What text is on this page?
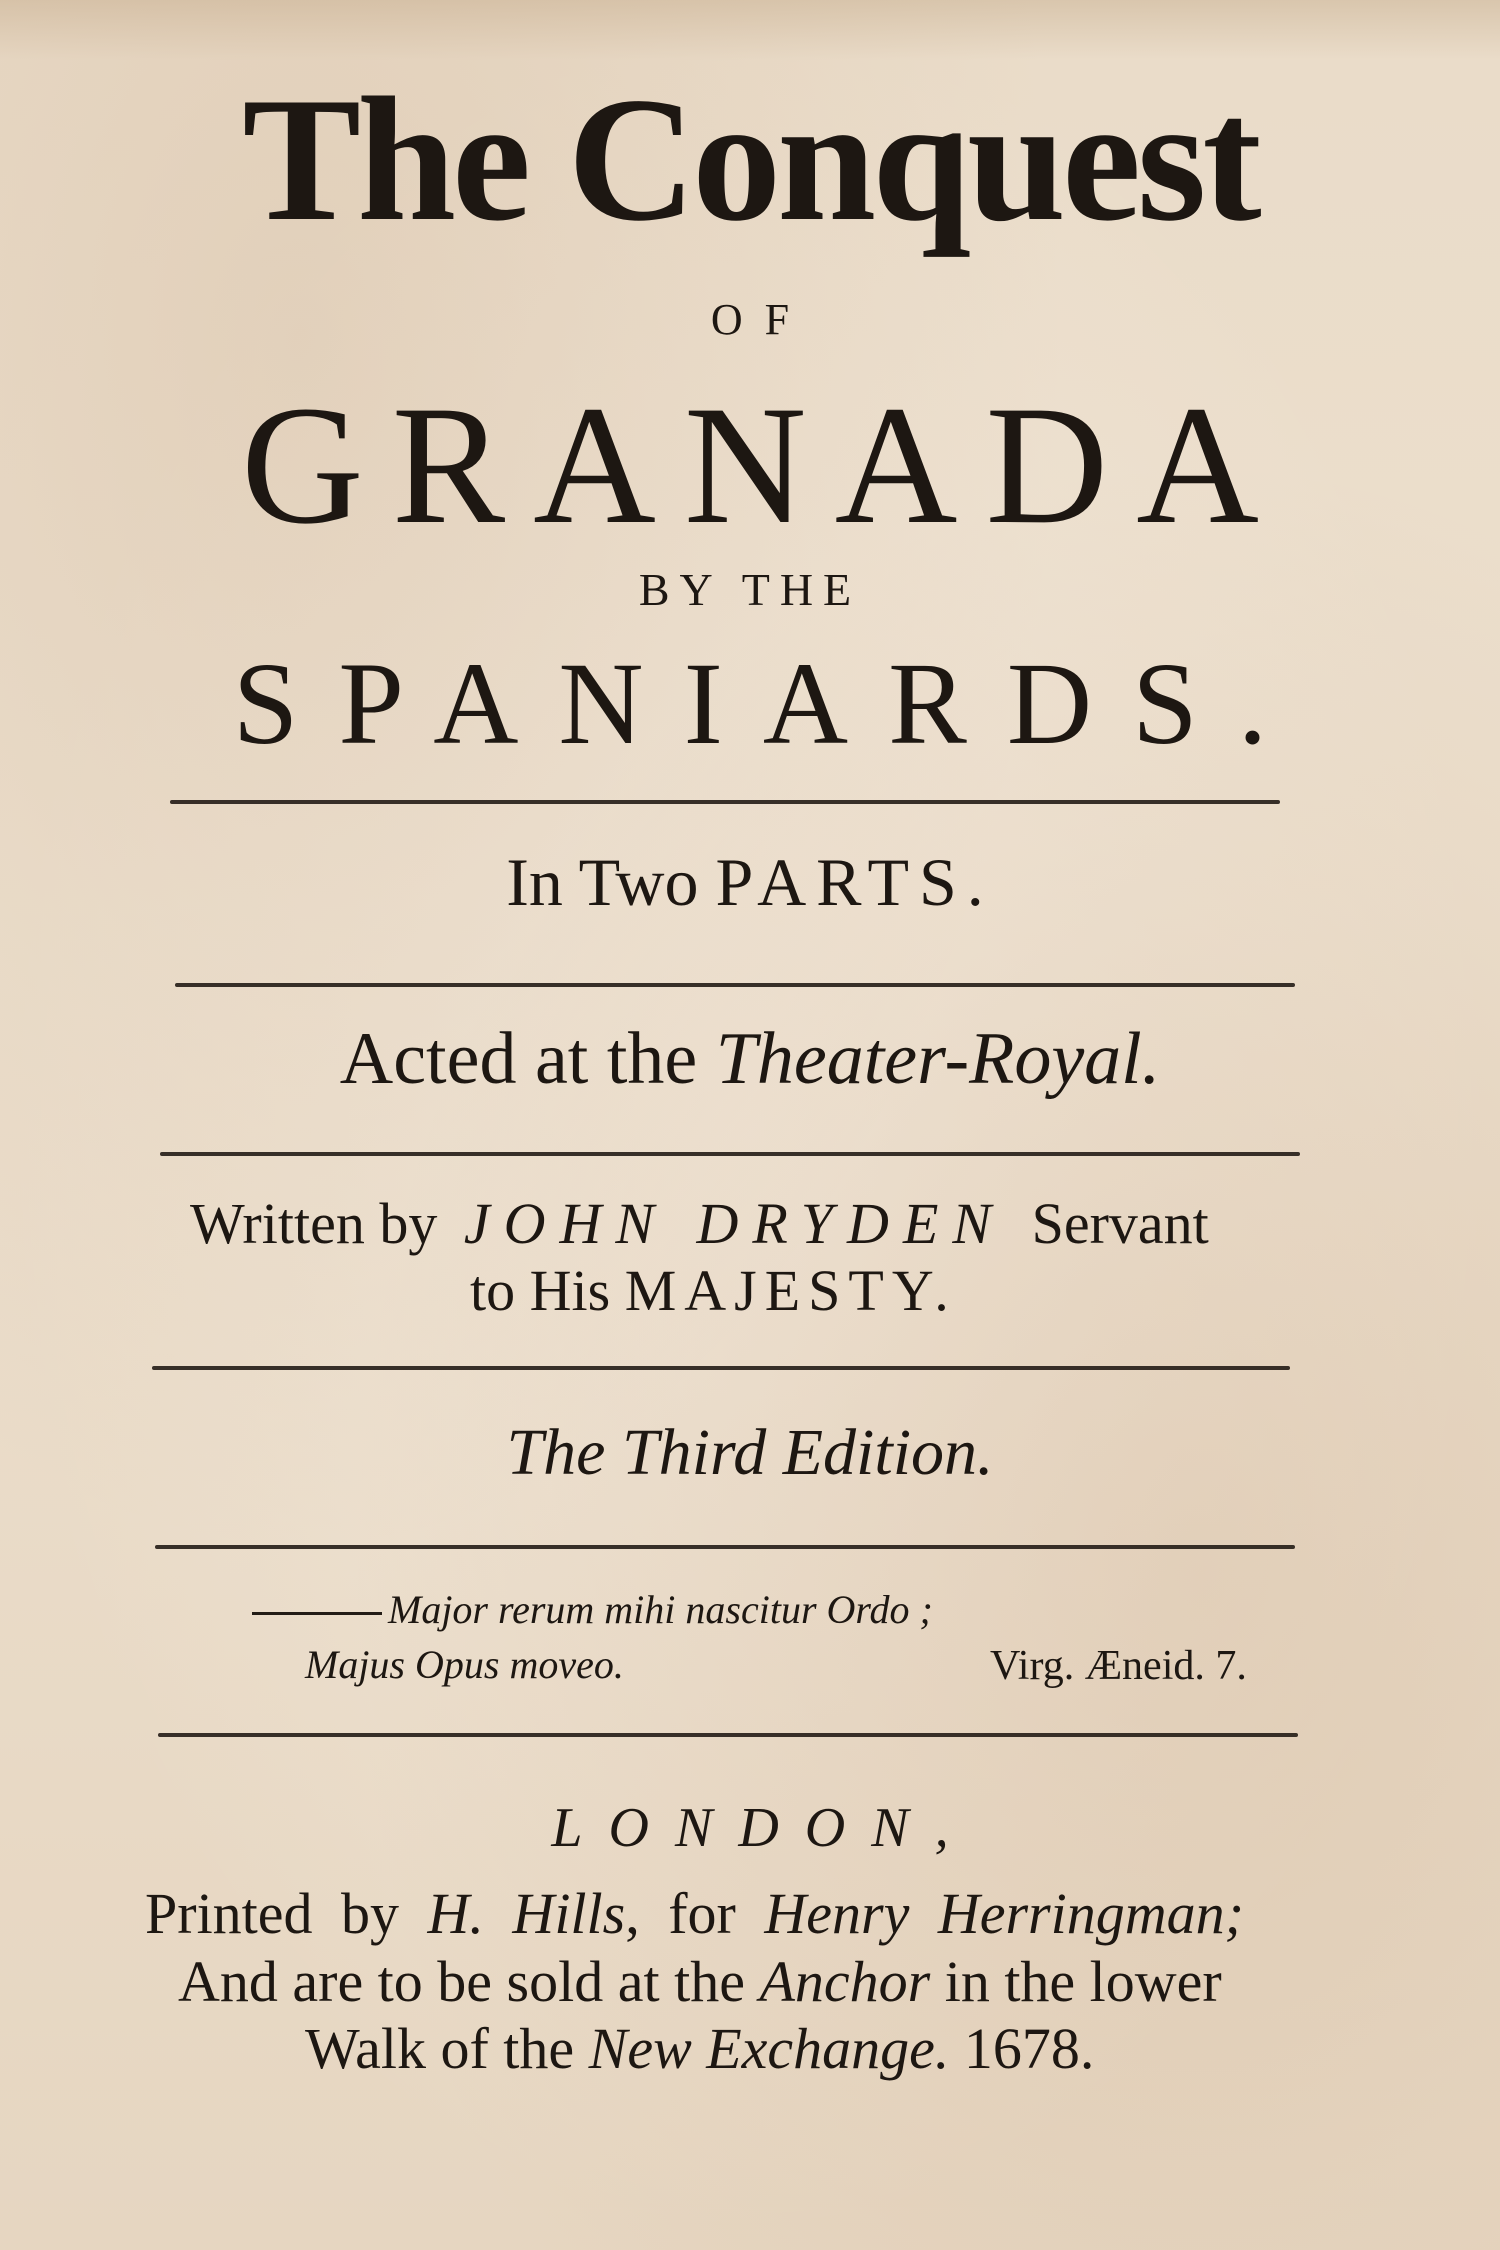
The Conquest
OF
GRANADA
BY THE
SPANIARDS.
In Two PARTS.
Acted at the Theater-Royal.
Written by JOHN DRYDEN Servant
to His MAJESTY.
The Third Edition.
Major rerum mihi nascitur Ordo ;
Majus Opus moveo.	Virg. Æneid. 7.
LONDON,
Printed by H. Hills, for Henry Herringman;
And are to be sold at the Anchor in the lower
Walk of the New Exchange. 1678.
